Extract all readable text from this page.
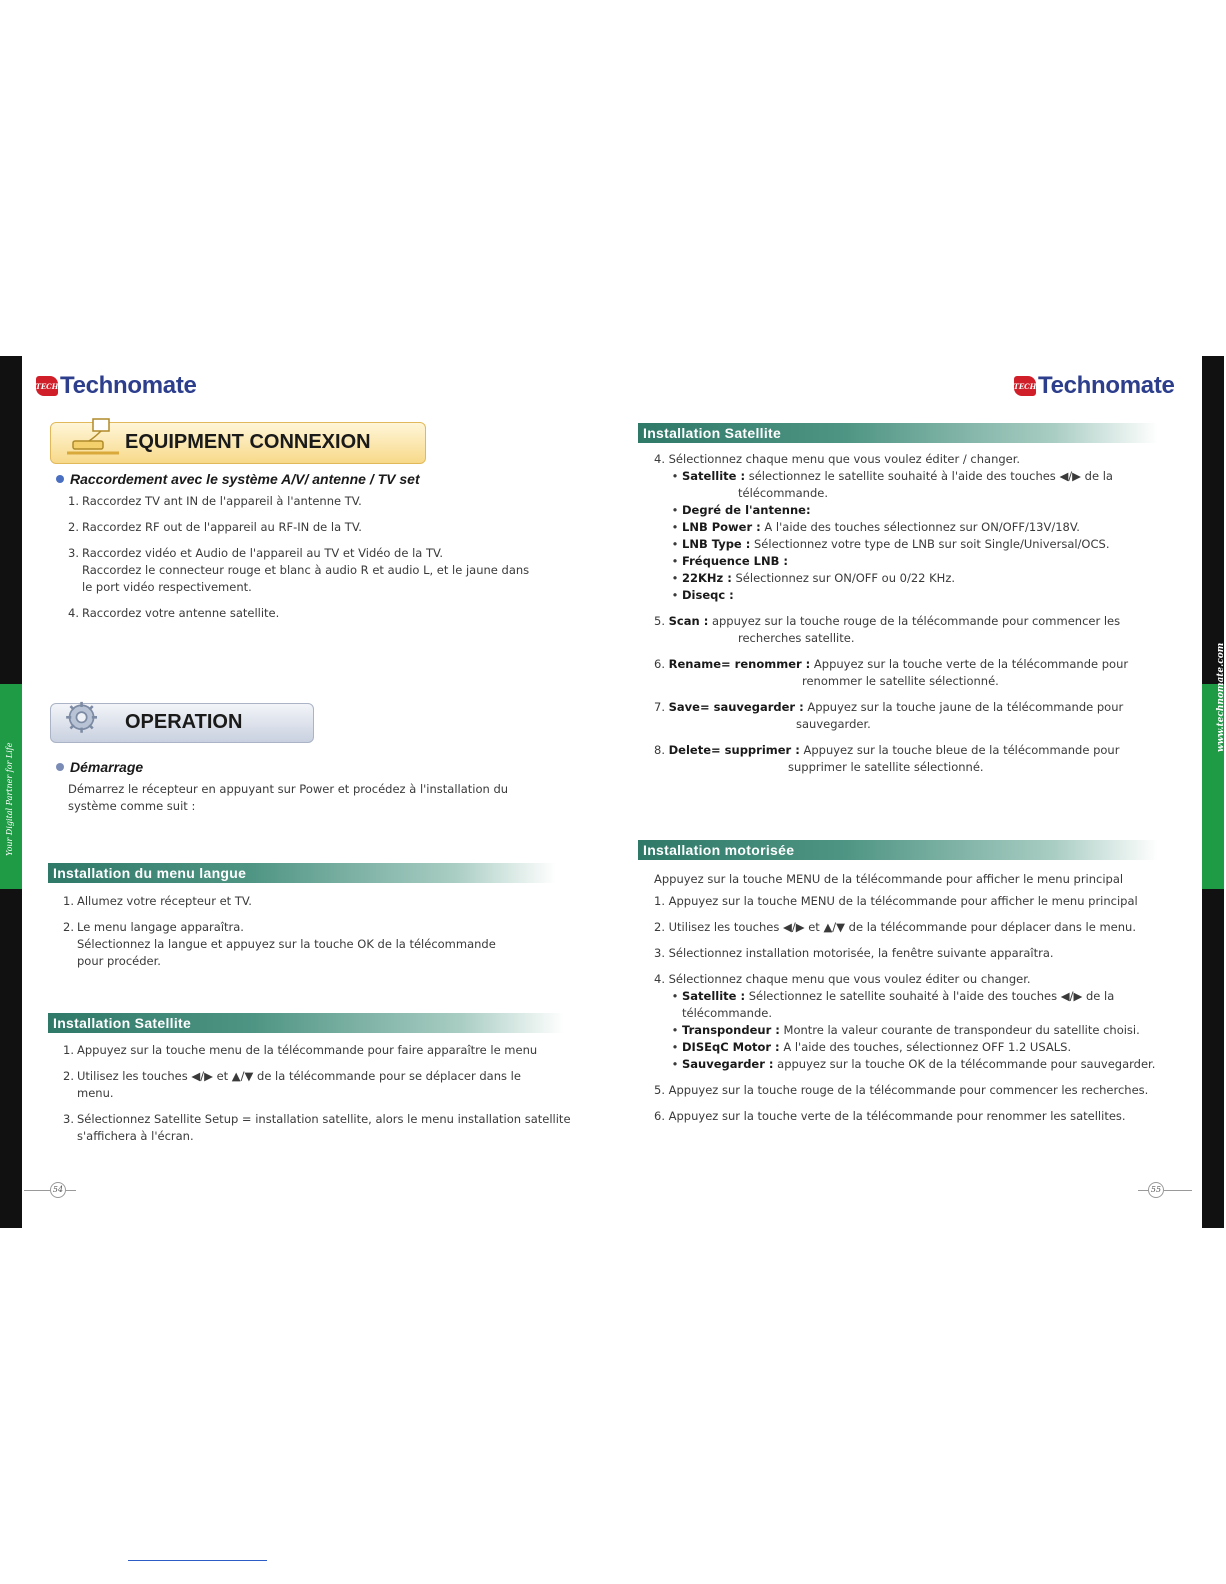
Your Digital Partner for Life
www.technomate.com
TECH Technomate	TECH Technomate
EQUIPMENT CONNEXION
Raccordement avec le système A/V/ antenne / TV set

1. Raccordez TV ant IN de l'appareil à l'antenne TV.

2. Raccordez RF out de l'appareil au RF-IN de la TV.

3. Raccordez vidéo et Audio de l'appareil au TV et Vidéo de la TV.

Raccordez le connecteur rouge et blanc à audio R et audio L, et le jaune dans

le port vidéo respectivement.

4. Raccordez votre antenne satellite.

OPERATION
Démarrage

Démarrez le récepteur en appuyant sur Power et procédez à l'installation du

système comme suit :

Installation du menu langue

1. Allumez votre récepteur et TV.

2. Le menu langage apparaîtra.

Sélectionnez la langue et appuyez sur la touche OK de la télécommande

pour procéder.

Installation Satellite

1. Appuyez sur la touche menu de la télécommande pour faire apparaître le menu

2. Utilisez les touches ◀/▶ et ▲/▼ de la télécommande pour se déplacer dans le

menu.

3. Sélectionnez Satellite Setup = installation satellite, alors le menu installation satellite

s'affichera à l'écran.

54
Installation Satellite

4. Sélectionnez chaque menu que vous voulez éditer / changer.

• Satellite : sélectionnez le satellite souhaité à l'aide des touches ◀/▶ de la

télécommande.

• Degré de l'antenne:

• LNB Power : A l'aide des touches sélectionnez sur ON/OFF/13V/18V.

• LNB Type : Sélectionnez votre type de LNB sur soit Single/Universal/OCS.

• Fréquence LNB :

• 22KHz : Sélectionnez sur ON/OFF ou 0/22 KHz.

• Diseqc :

5. Scan : appuyez sur la touche rouge de la télécommande pour commencer les

recherches satellite.

6. Rename= renommer : Appuyez sur la touche verte de la télécommande pour

renommer le satellite sélectionné.

7. Save= sauvegarder : Appuyez sur la touche jaune de la télécommande pour

sauvegarder.

8. Delete= supprimer : Appuyez sur la touche bleue de la télécommande pour

supprimer le satellite sélectionné.

Installation motorisée

Appuyez sur la touche MENU de la télécommande pour afficher le menu principal

1. Appuyez sur la touche MENU de la télécommande pour afficher le menu principal

2. Utilisez les touches ◀/▶ et ▲/▼ de la télécommande pour déplacer dans le menu.

3. Sélectionnez installation motorisée, la fenêtre suivante apparaîtra.

4. Sélectionnez chaque menu que vous voulez éditer ou changer.

• Satellite : Sélectionnez le satellite souhaité à l'aide des touches ◀/▶ de la

télécommande.

• Transpondeur : Montre la valeur courante de transpondeur du satellite choisi.

• DISEqC Motor : A l'aide des touches, sélectionnez OFF 1.2 USALS.

• Sauvegarder : appuyez sur la touche OK de la télécommande pour sauvegarder.

5. Appuyez sur la touche rouge de la télécommande pour commencer les recherches.

6. Appuyez sur la touche verte de la télécommande pour renommer les satellites.

55
